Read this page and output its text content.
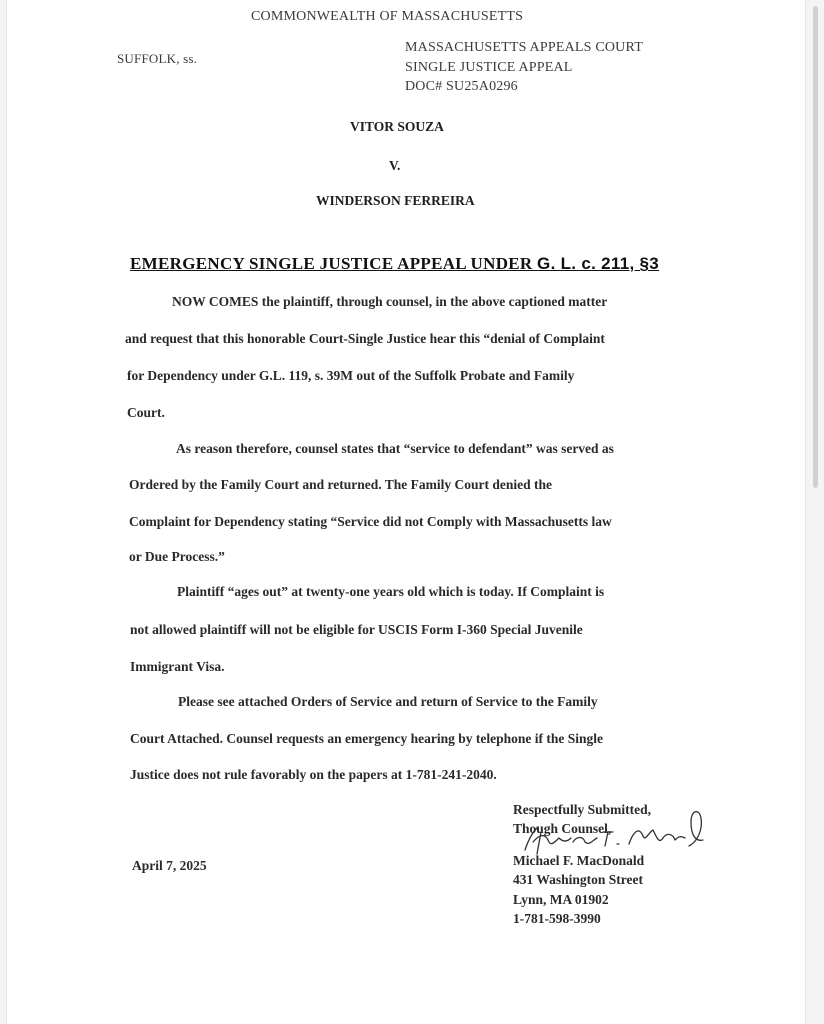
COMMONWEALTH OF MASSACHUSETTS
SUFFOLK, ss.
MASSACHUSETTS APPEALS COURT
SINGLE JUSTICE APPEAL
DOC# SU25A0296
VITOR SOUZA
V.
WINDERSON FERREIRA
EMERGENCY SINGLE JUSTICE APPEAL UNDER G. L. c. 211, §3
NOW COMES the plaintiff, through counsel, in the above captioned matter
and request that this honorable Court-Single Justice hear this “denial of Complaint
for Dependency under G.L. 119, s. 39M out of the Suffolk Probate and Family
Court.
As reason therefore, counsel states that “service to defendant” was served as
Ordered by the Family Court and returned. The Family Court denied the
Complaint for Dependency stating “Service did not Comply with Massachusetts law
or Due Process.”
Plaintiff “ages out” at twenty-one years old which is today. If Complaint is
not allowed plaintiff will not be eligible for USCIS Form I-360 Special Juvenile
Immigrant Visa.
Please see attached Orders of Service and return of Service to the Family
Court Attached. Counsel requests an emergency hearing by telephone if the Single
Justice does not rule favorably on the papers at 1-781-241-2040.
April 7, 2025
Respectfully Submitted,
Though Counsel,
Michael F. MacDonald
431 Washington Street
Lynn, MA 01902
1-781-598-3990
